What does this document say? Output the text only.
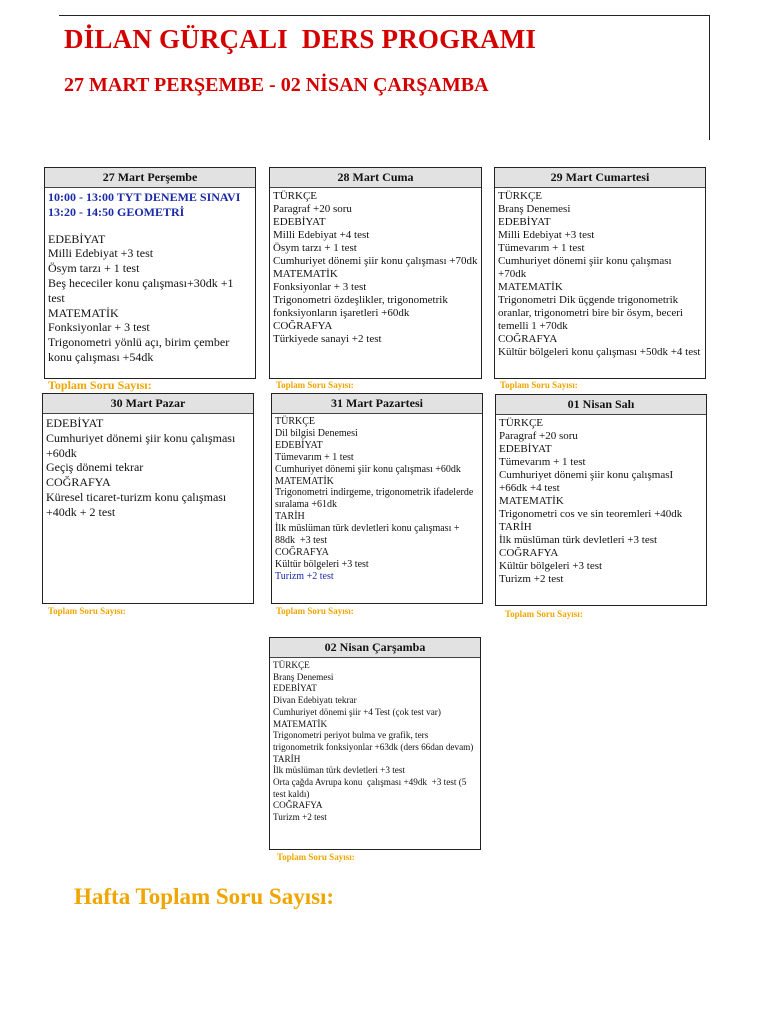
DİLAN GÜRÇALI  DERS PROGRAMI
27 MART PERŞEMBE - 02 NİSAN ÇARŞAMBA
27 Mart Perşembe
10:00 - 13:00 TYT DENEME SINAVI
13:20 - 14:50 GEOMETRİ
EDEBİYAT
Milli Edebiyat +3 test
Ösym tarzı + 1 test
Beş hececiler konu çalışması+30dk +1 test
MATEMATİK
Fonksiyonlar + 3 test
Trigonometri yönlü açı, birim çember konu çalışması +54dk
28 Mart Cuma
TÜRKÇE
Paragraf +20 soru
EDEBİYAT
Milli Edebiyat +4 test
Ösym tarzı + 1 test
Cumhuriyet dönemi şiir konu çalışması +70dk
MATEMATİK
Fonksiyonlar + 3 test
Trigonometri özdeşlikler, trigonometrik fonksiyonların işaretleri +60dk
COĞRAFYA
Türkiyede sanayi +2 test
29 Mart Cumartesi
TÜRKÇE
Branş Denemesi
EDEBİYAT
Milli Edebiyat +3 test
Tümevarım + 1 test
Cumhuriyet dönemi şiir konu çalışması +70dk
MATEMATİK
Trigonometri Dik üçgende trigonometrik oranlar, trigonometri bire bir ösym, beceri temelli 1 +70dk
COĞRAFYA
Kültür bölgeleri konu çalışması +50dk +4 test
30 Mart Pazar
EDEBİYAT
Cumhuriyet dönemi şiir konu çalışması +60dk
Geçiş dönemi tekrar
COĞRAFYA
Küresel ticaret-turizm konu çalışması +40dk + 2 test
31 Mart Pazartesi
TÜRKÇE
Dil bilgisi Denemesi
EDEBİYAT
Tümevarım + 1 test
Cumhuriyet dönemi şiir konu çalışması +60dk
MATEMATİK
Trigonometri indirgeme, trigonometrik ifadelerde sıralama +61dk
TARİH
İlk müslüman türk devletleri konu çalışması + 88dk  +3 test
COĞRAFYA
Kültür bölgeleri +3 test
Turizm +2 test
01 Nisan Salı
TÜRKÇE
Paragraf +20 soru
EDEBİYAT
Tümevarım + 1 test
Cumhuriyet dönemi şiir konu çalışmasI +66dk +4 test
MATEMATİK
Trigonometri cos ve sin teoremleri +40dk
TARİH
İlk müslüman türk devletleri +3 test
COĞRAFYA
Kültür bölgeleri +3 test
Turizm +2 test
02 Nisan Çarşamba
TÜRKÇE
Branş Denemesi
EDEBİYAT
Divan Edebiyatı tekrar
Cumhuriyet dönemi şiir +4 Test (çok test var)
MATEMATİK
Trigonometri periyot bulma ve grafik, ters trigonometrik fonksiyonlar +63dk (ders 66dan devam)
TARİH
İlk müslüman türk devletleri +3 test
Orta çağda Avrupa konu  çalışması +49dk  +3 test (5 test kaldı)
COĞRAFYA
Turizm +2 test
Toplam Soru Sayısı:	Toplam Soru Sayısı:	Toplam Soru Sayısı:
Toplam Soru Sayısı:	Toplam Soru Sayısı:	Toplam Soru Sayısı:
Toplam Soru Sayısı:
Hafta Toplam Soru Sayısı:
